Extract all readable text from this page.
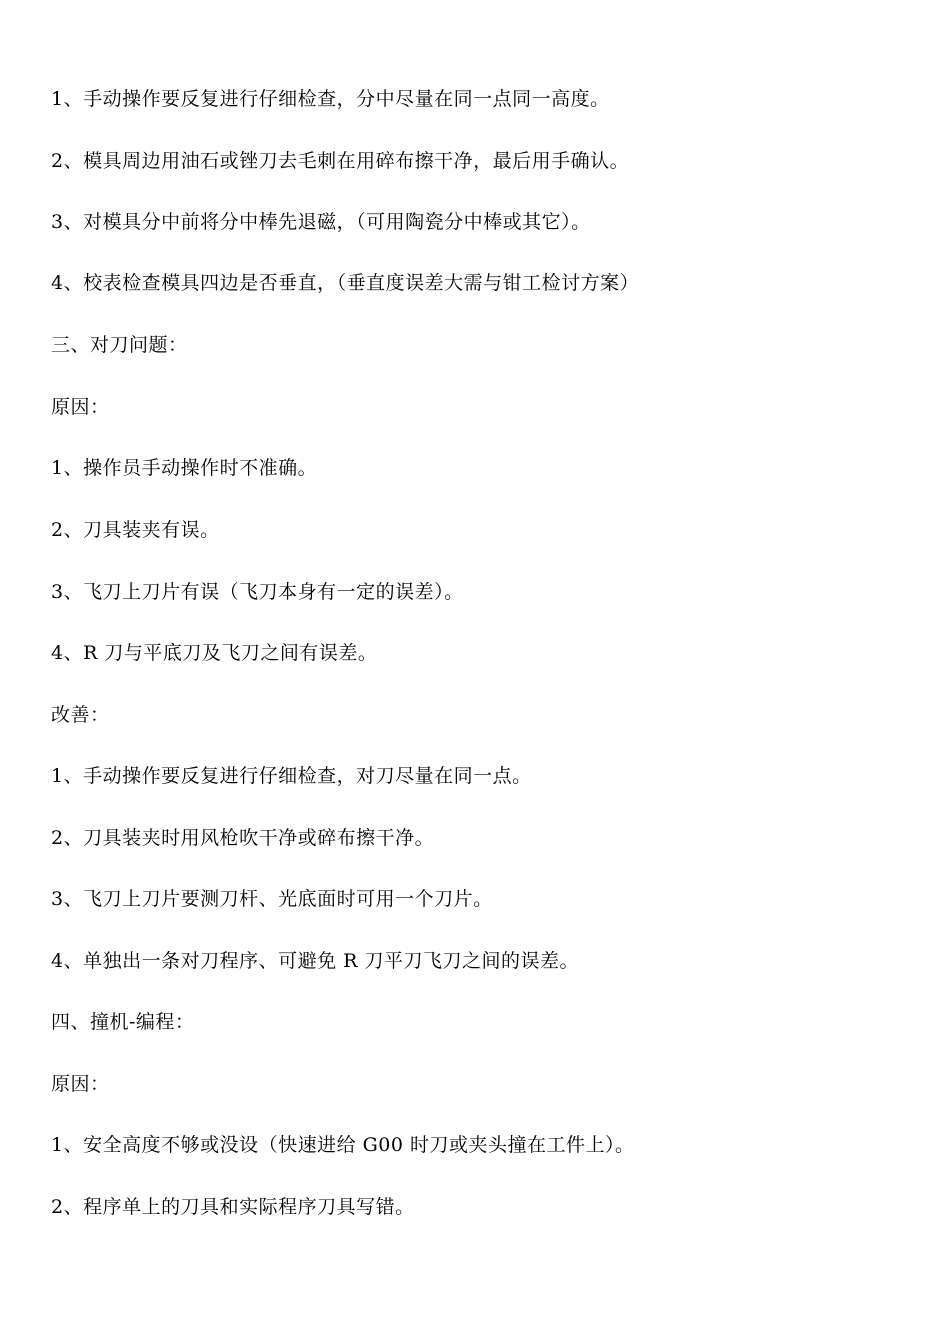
1、手动操作要反复进行仔细检查，分中尽量在同一点同一高度。
2、模具周边用油石或锉刀去毛刺在用碎布擦干净，最后用手确认。
3、对模具分中前将分中棒先退磁，（可用陶瓷分中棒或其它）。
4、校表检查模具四边是否垂直，（垂直度误差大需与钳工检讨方案）
三、对刀问题：
原因：
1、操作员手动操作时不准确。
2、刀具装夹有误。
3、飞刀上刀片有误（飞刀本身有一定的误差）。
4、R 刀与平底刀及飞刀之间有误差。
改善：
1、手动操作要反复进行仔细检查，对刀尽量在同一点。
2、刀具装夹时用风枪吹干净或碎布擦干净。
3、飞刀上刀片要测刀杆、光底面时可用一个刀片。
4、单独出一条对刀程序、可避免 R 刀平刀飞刀之间的误差。
四、撞机-编程：
原因：
1、安全高度不够或没设（快速进给 G00 时刀或夹头撞在工件上）。
2、程序单上的刀具和实际程序刀具写错。
